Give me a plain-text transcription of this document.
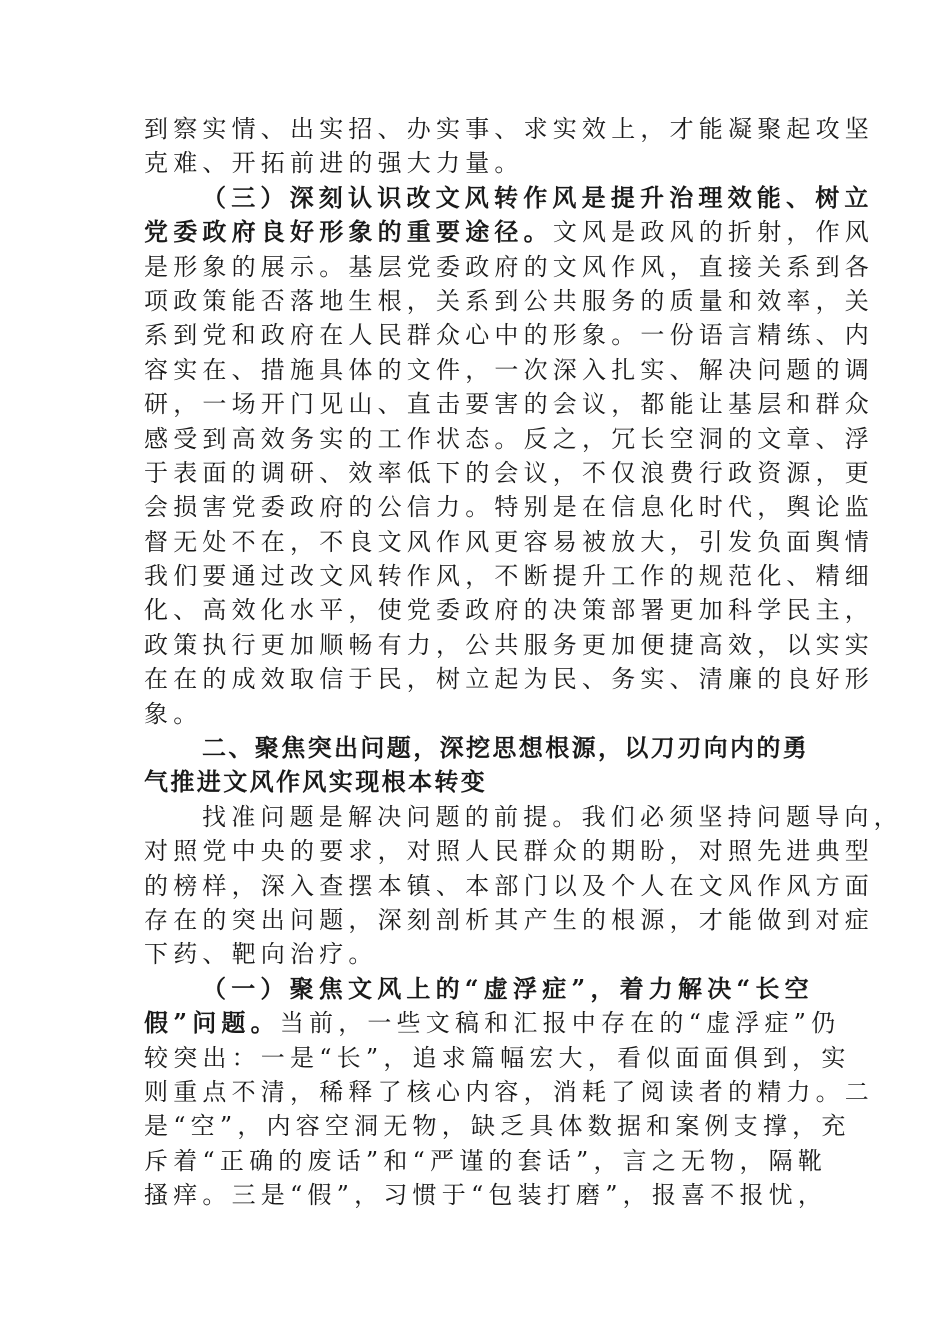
到察实情、出实招、办实事、求实效上，才能凝聚起攻坚
克难、开拓前进的强大力量。
（三）深刻认识改文风转作风是提升治理效能、树立
党委政府良好形象的重要途径。文风是政风的折射，作风
是形象的展示。基层党委政府的文风作风，直接关系到各
项政策能否落地生根，关系到公共服务的质量和效率，关
系到党和政府在人民群众心中的形象。一份语言精练、内
容实在、措施具体的文件，一次深入扎实、解决问题的调
研，一场开门见山、直击要害的会议，都能让基层和群众
感受到高效务实的工作状态。反之，冗长空洞的文章、浮
于表面的调研、效率低下的会议，不仅浪费行政资源，更
会损害党委政府的公信力。特别是在信息化时代，舆论监
督无处不在，不良文风作风更容易被放大，引发负面舆情
我们要通过改文风转作风，不断提升工作的规范化、精细
化、高效化水平，使党委政府的决策部署更加科学民主，
政策执行更加顺畅有力，公共服务更加便捷高效，以实实
在在的成效取信于民，树立起为民、务实、清廉的良好形
象。
二、聚焦突出问题，深挖思想根源，以刀刃向内的勇
气推进文风作风实现根本转变
找准问题是解决问题的前提。我们必须坚持问题导向，
对照党中央的要求，对照人民群众的期盼，对照先进典型
的榜样，深入查摆本镇、本部门以及个人在文风作风方面
存在的突出问题，深刻剖析其产生的根源，才能做到对症
下药、靶向治疗。
（一）聚焦文风上的“虚浮症”，着力解决“长空
假”问题。当前，一些文稿和汇报中存在的“虚浮症”仍
较突出：一是“长”，追求篇幅宏大，看似面面俱到，实
则重点不清，稀释了核心内容，消耗了阅读者的精力。二
是“空”，内容空洞无物，缺乏具体数据和案例支撑，充
斥着“正确的废话”和“严谨的套话”，言之无物，隔靴
搔痒。三是“假”，习惯于“包装打磨”，报喜不报忧，
